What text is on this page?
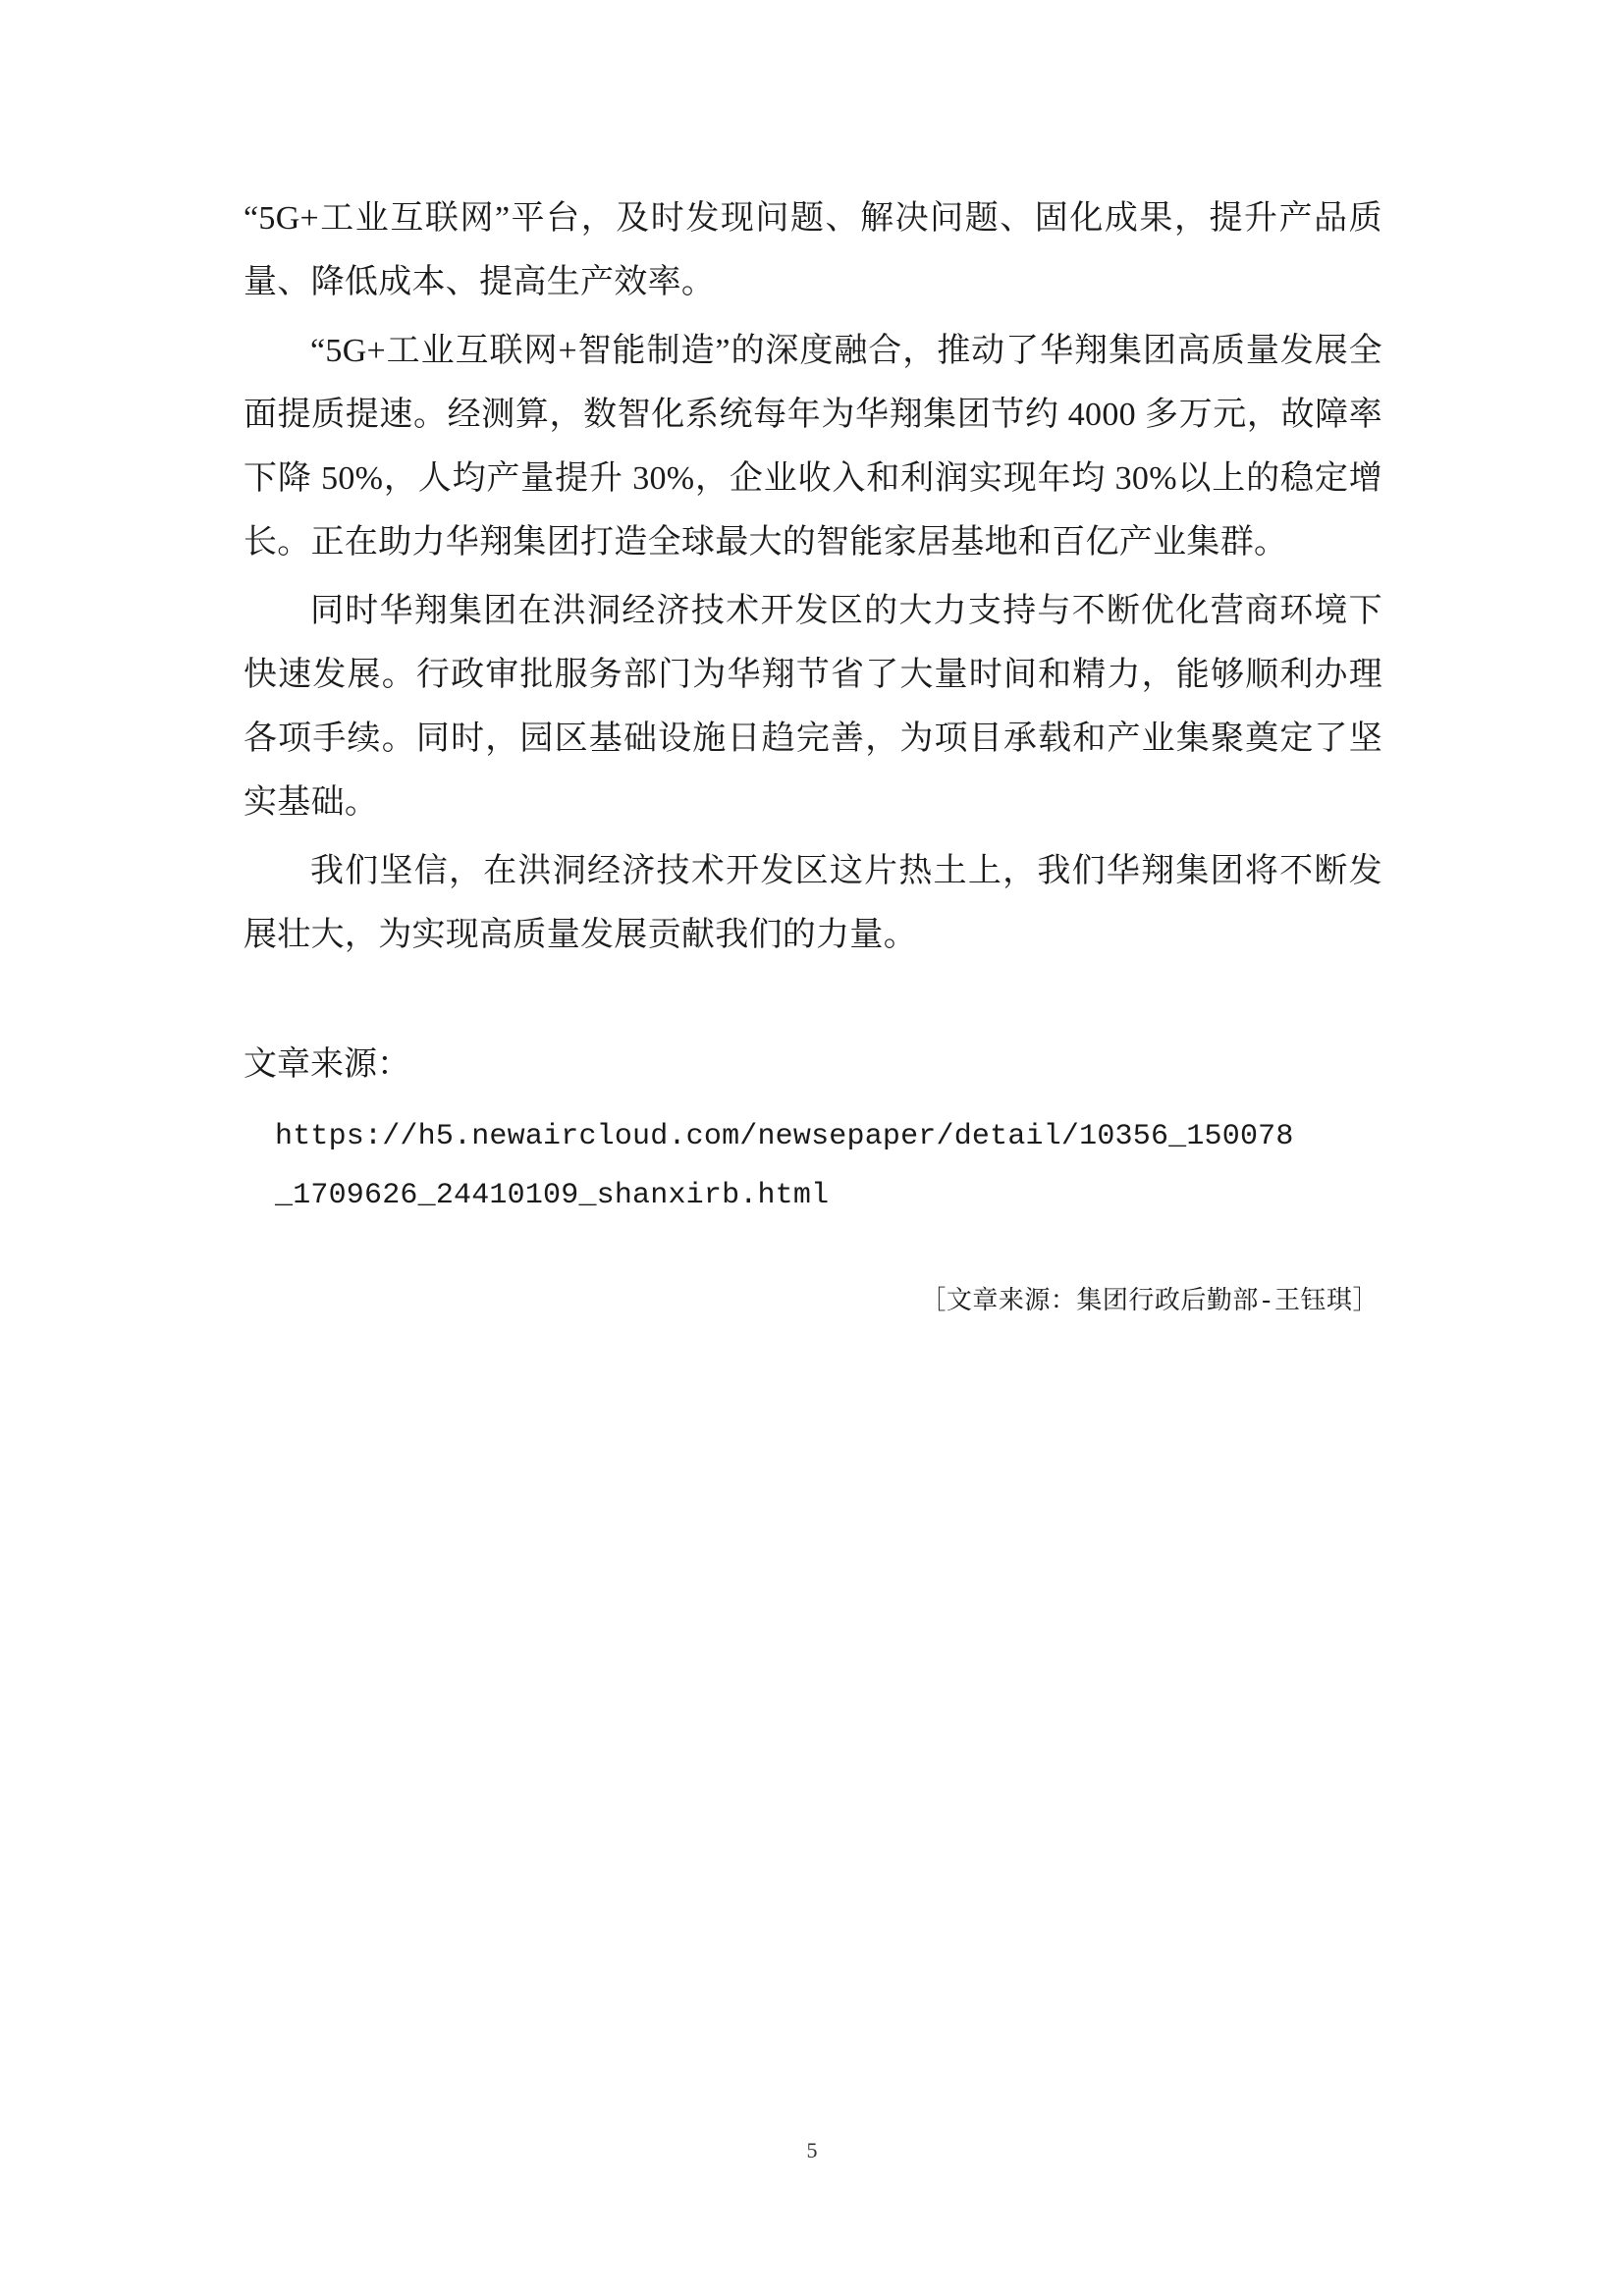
“5G+工业互联网”平台，及时发现问题、解决问题、固化成果，提升产品质量、降低成本、提高生产效率。

“5G+工业互联网+智能制造”的深度融合，推动了华翔集团高质量发展全面提质提速。经测算，数智化系统每年为华翔集团节约 4000 多万元，故障率下降 50%，人均产量提升 30%，企业收入和利润实现年均 30%以上的稳定增长。正在助力华翔集团打造全球最大的智能家居基地和百亿产业集群。

同时华翔集团在洪洞经济技术开发区的大力支持与不断优化营商环境下快速发展。行政审批服务部门为华翔节省了大量时间和精力，能够顺利办理各项手续。同时，园区基础设施日趋完善，为项目承载和产业集聚奠定了坚实基础。

我们坚信，在洪洞经济技术开发区这片热土上，我们华翔集团将不断发展壮大，为实现高质量发展贡献我们的力量。

文章来源：

https://h5.newaircloud.com/newsepaper/detail/10356_150078

_1709626_24410109_shanxirb.html

［文章来源：集团行政后勤部-王钰琪］
5
